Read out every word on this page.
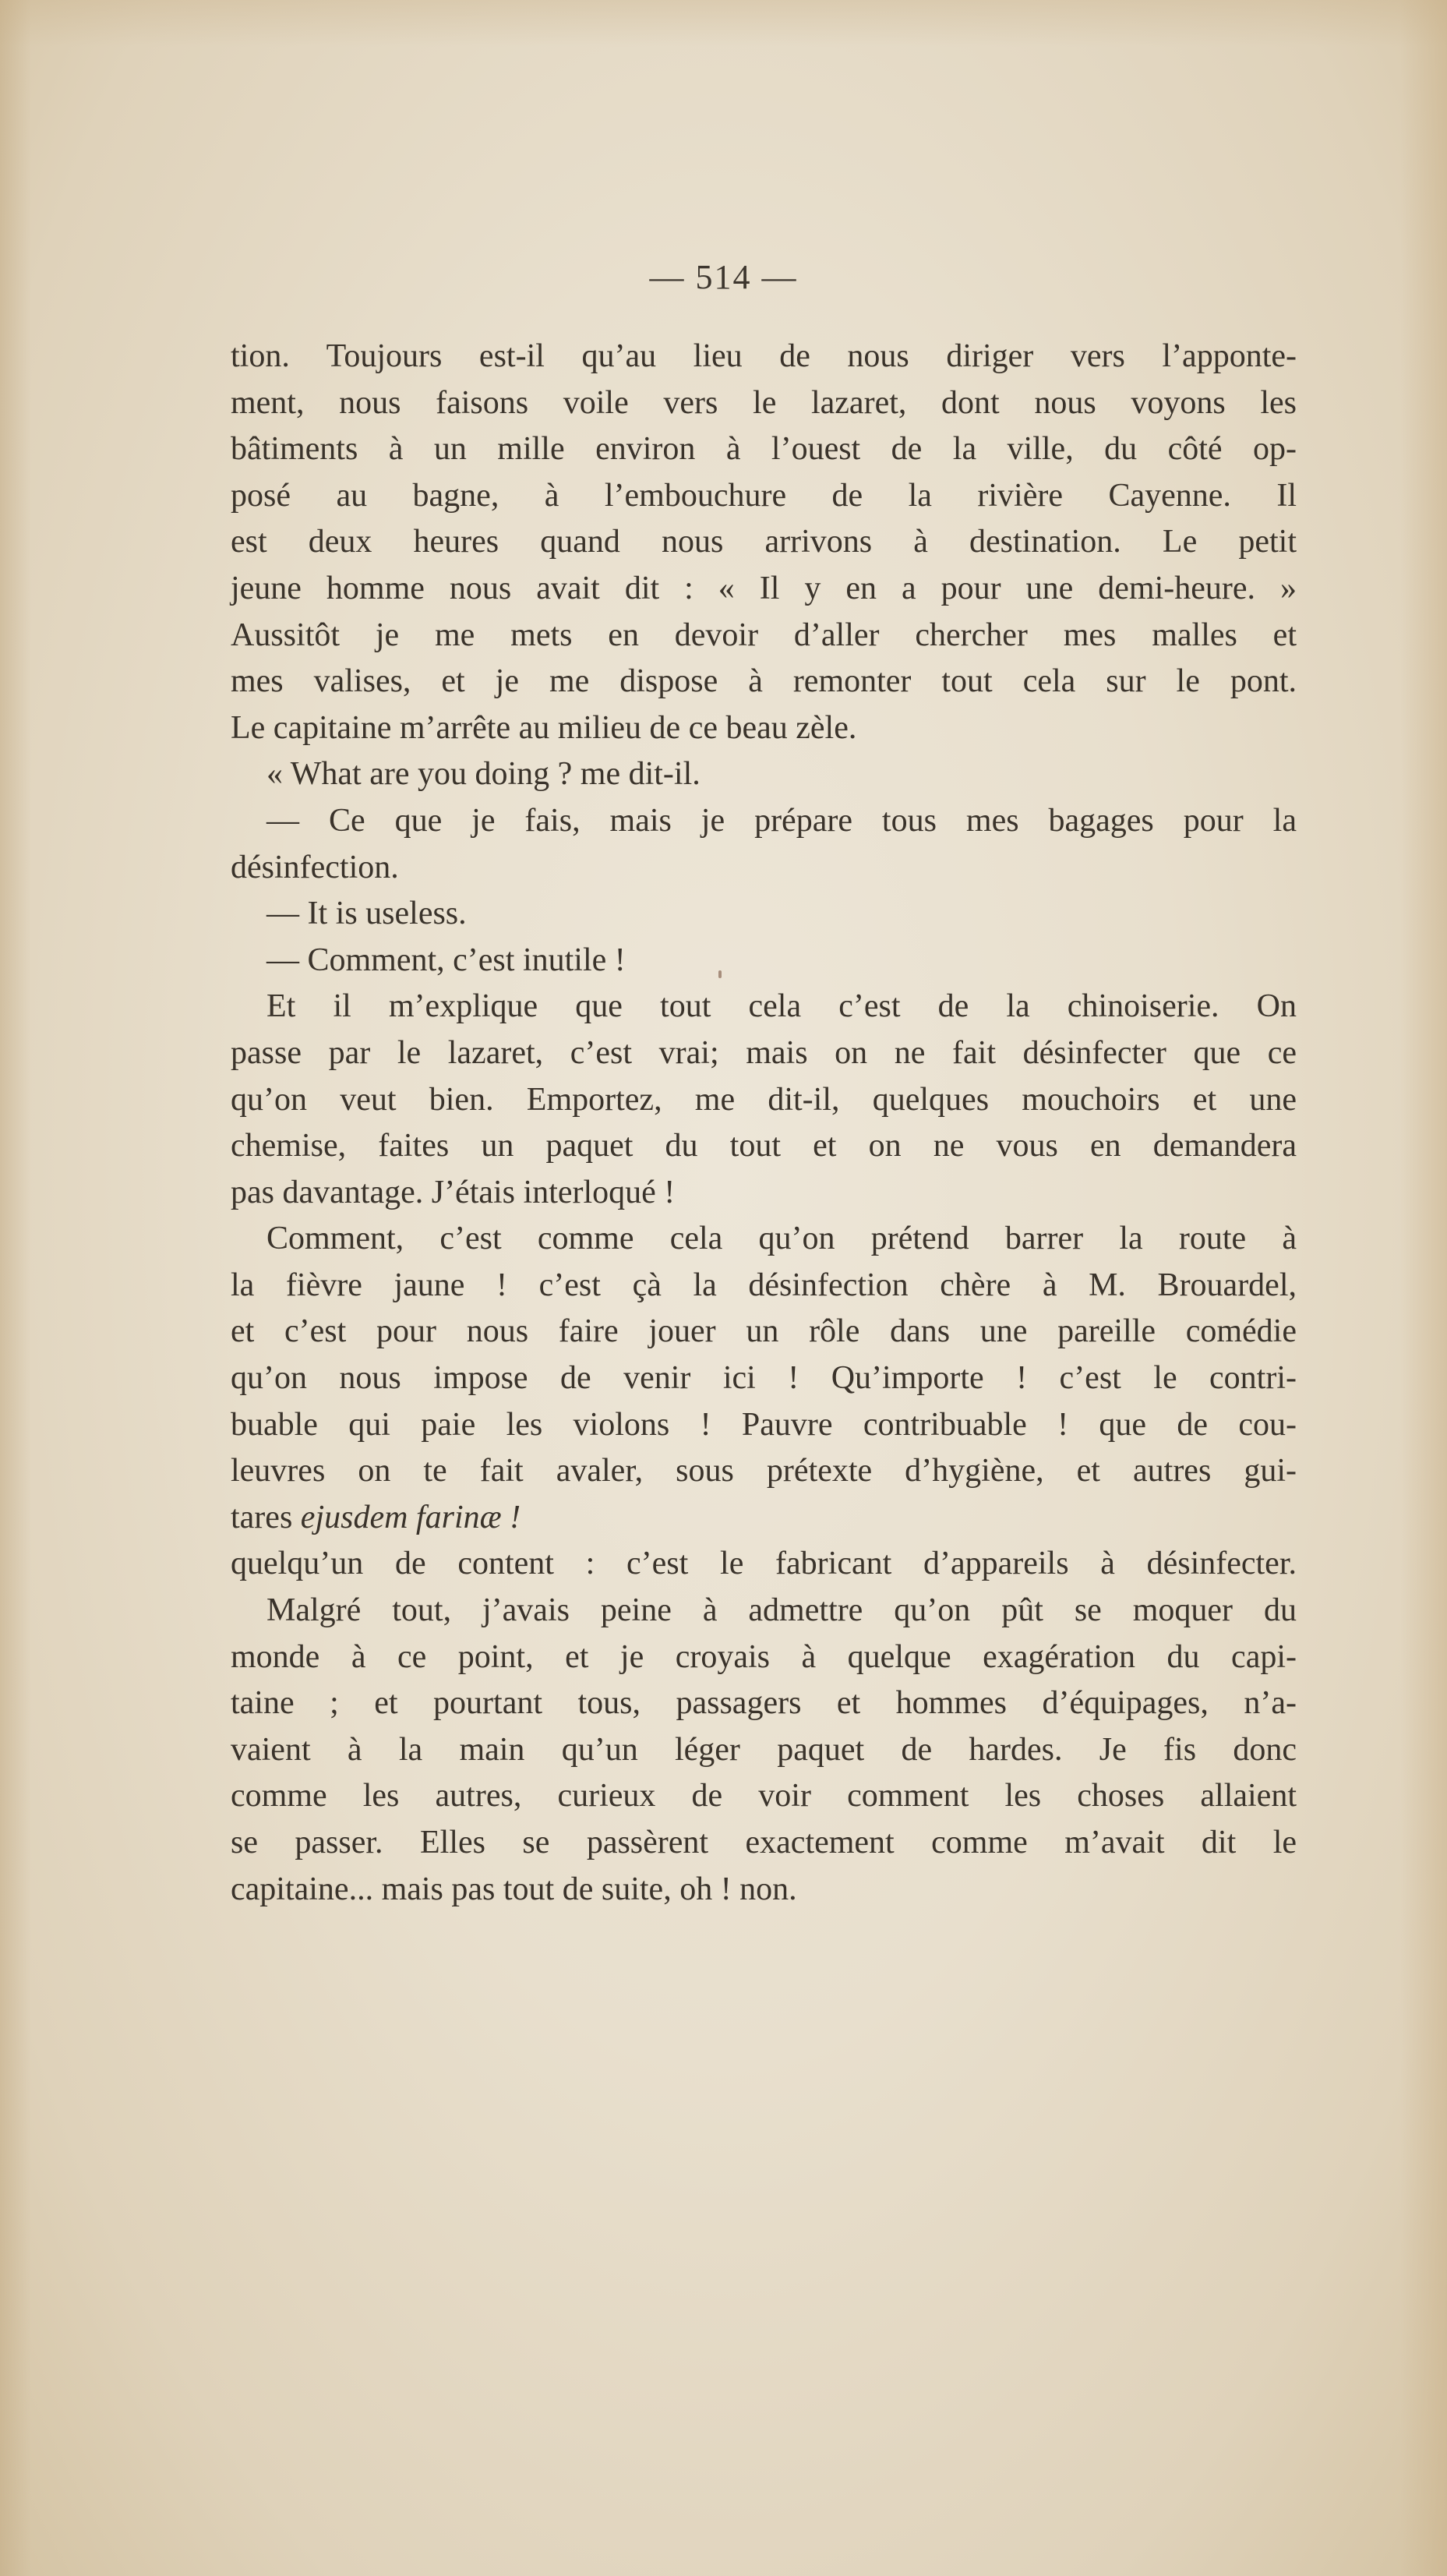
— 514 —
tion. Toujours est-il qu’au lieu de nous diriger vers l’apponte-
ment, nous faisons voile vers le lazaret, dont nous voyons les
bâtiments à un mille environ à l’ouest de la ville, du côté op-
posé au bagne, à l’embouchure de la rivière Cayenne. Il
est deux heures quand nous arrivons à destination. Le petit
jeune homme nous avait dit : « Il y en a pour une demi-heure. »
Aussitôt je me mets en devoir d’aller chercher mes malles et
mes valises, et je me dispose à remonter tout cela sur le pont.
Le capitaine m’arrête au milieu de ce beau zèle.
« What are you doing ? me dit-il.
— Ce que je fais, mais je prépare tous mes bagages pour la
désinfection.
— It is useless.
— Comment, c’est inutile !
Et il m’explique que tout cela c’est de la chinoiserie. On
passe par le lazaret, c’est vrai; mais on ne fait désinfecter que ce
qu’on veut bien. Emportez, me dit-il, quelques mouchoirs et une
chemise, faites un paquet du tout et on ne vous en demandera
pas davantage. J’étais interloqué !
Comment, c’est comme cela qu’on prétend barrer la route à
la fièvre jaune ! c’est çà la désinfection chère à M. Brouardel,
et c’est pour nous faire jouer un rôle dans une pareille comédie
qu’on nous impose de venir ici ! Qu’importe ! c’est le contri-
buable qui paie les violons ! Pauvre contribuable ! que de cou-
leuvres on te fait avaler, sous prétexte d’hygiène, et autres gui-
tares ejusdem farinæ !
quelqu’un de content : c’est le fabricant d’appareils à désinfecter.
Malgré tout, j’avais peine à admettre qu’on pût se moquer du
monde à ce point, et je croyais à quelque exagération du capi-
taine ; et pourtant tous, passagers et hommes d’équipages, n’a-
vaient à la main qu’un léger paquet de hardes. Je fis donc
comme les autres, curieux de voir comment les choses allaient
se passer. Elles se passèrent exactement comme m’avait dit le
capitaine... mais pas tout de suite, oh ! non.
